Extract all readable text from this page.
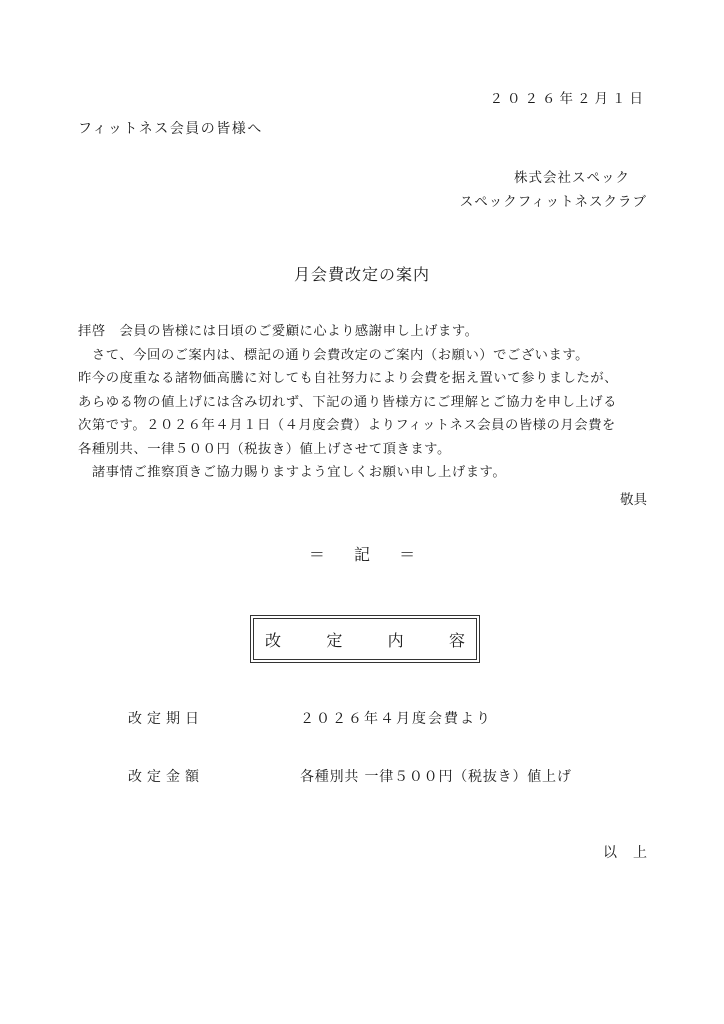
２０２６年２月１日
フィットネス会員の皆様へ
株式会社スペック
スペックフィットネスクラブ
月会費改定の案内
拝啓　会員の皆様には日頃のご愛顧に心より感謝申し上げます。
　さて、今回のご案内は、標記の通り会費改定のご案内（お願い）でございます。
昨今の度重なる諸物価高騰に対しても自社努力により会費を据え置いて参りましたが、
あらゆる物の値上げには含み切れず、下記の通り皆様方にご理解とご協力を申し上げる
次第です。２０２６年４月１日（４月度会費）よりフィットネス会員の皆様の月会費を
各種別共、一律５００円（税抜き）値上げさせて頂きます。
　諸事情ご推察頂きご協力賜りますよう宜しくお願い申し上げます。
敬具
＝ 記 ＝
改	定	内	容
改定期日	２０２６年４月度会費より
改定金額	各種別共 一律５００円（税抜き）値上げ
以 上
